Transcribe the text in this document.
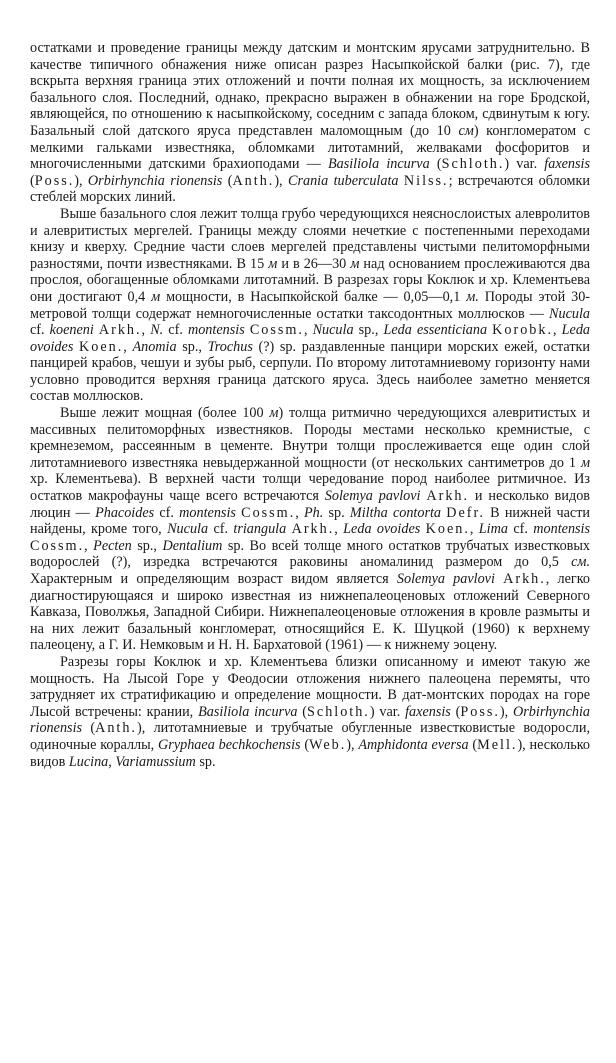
остатками и проведение границы между датским и монтским ярусами затруднительно. В качестве типичного обнажения ниже описан разрез Насыпкойской балки (рис. 7), где вскрыта верхняя граница этих отложений и почти полная их мощность, за исключением базального слоя. Последний, однако, прекрасно выражен в обнажении на горе Бродской, являющейся, по отношению к насыпкойскому, соседним с запада блоком, сдвинутым к югу. Базальный слой датского яруса представлен маломощным (до 10 см) конгломератом с мелкими гальками известняка, обломками литотамний, желваками фосфоритов и многочисленными датскими брахиоподами — Basiliola incurva (Schloth.) var. faxensis (Poss.), Orbirhynchia rionensis (Anth.), Crania tuberculata Nilss.; встречаются обломки стеблей морских линий.

Выше базального слоя лежит толща грубо чередующихся неяснослоистых алевролитов и алевритистых мергелей. Границы между слоями нечеткие с постепенными переходами книзу и кверху. Средние части слоев мергелей представлены чистыми пелитоморфными разностями, почти известняками. В 15 м и в 26—30 м над основанием прослеживаются два прослоя, обогащенные обломками литотамний. В разрезах горы Коклюк и хр. Клементьева они достигают 0,4 м мощности, в Насыпкойской балке — 0,05—0,1 м. Породы этой 30-метровой толщи содержат немногочисленные остатки таксодонтных моллюсков — Nucula cf. koeneni Arkh., N. cf. montensis Cossm., Nucula sp., Leda essenticiana Korobk., Leda ovoides Koen., Anomia sp., Trochus (?) sp. раздавленные панцири морских ежей, остатки панцирей крабов, чешуи и зубы рыб, серпули. По второму литотамниевому горизонту нами условно проводится верхняя граница датского яруса. Здесь наиболее заметно меняется состав моллюсков.

Выше лежит мощная (более 100 м) толща ритмично чередующихся алевритистых и массивных пелитоморфных известняков. Породы местами несколько кремнистые, с кремнеземом, рассеянным в цементе. Внутри толщи прослеживается еще один слой литотамниевого известняка невыдержанной мощности (от нескольких сантиметров до 1 м хр. Клементьева). В верхней части толщи чередование пород наиболее ритмичное. Из остатков макрофауны чаще всего встречаются Solemya pavlovi Arkh. и несколько видов люцин — Phacoides cf. montensis Cossm., Ph. sp. Miltha contorta Defr. В нижней части найдены, кроме того, Nucula cf. triangula Arkh., Leda ovoides Koen., Lima cf. montensis Cossm., Pecten sp., Dentalium sp. Во всей толще много остатков трубчатых известковых водорослей (?), изредка встречаются раковины аномалинид размером до 0,5 см. Характерным и определяющим возраст видом является Solemya pavlovi Arkh., легко диагностирующаяся и широко известная из нижнепалеоценовых отложений Северного Кавказа, Поволжья, Западной Сибири. Нижнепалеоценовые отложения в кровле размыты и на них лежит базальный конгломерат, относящийся Е. К. Шуцкой (1960) к верхнему палеоцену, а Г. И. Немковым и Н. Н. Бархатовой (1961) — к нижнему эоцену.

Разрезы горы Коклюк и хр. Клементьева близки описанному и имеют такую же мощность. На Лысой Горе у Феодосии отложения нижнего палеоцена перемяты, что затрудняет их стратификацию и определение мощности. В дат-монтских породах на горе Лысой встречены: крании, Basiliola incurva (Schloth.) var. faxensis (Poss.), Orbirhynchia rionensis (Anth.), литотамниевые и трубчатые обугленные известковистые водоросли, одиночные кораллы, Gryphaea bechkochensis (Web.), Amphidonta eversa (Mell.), несколько видов Lucina, Variamussium sp.
